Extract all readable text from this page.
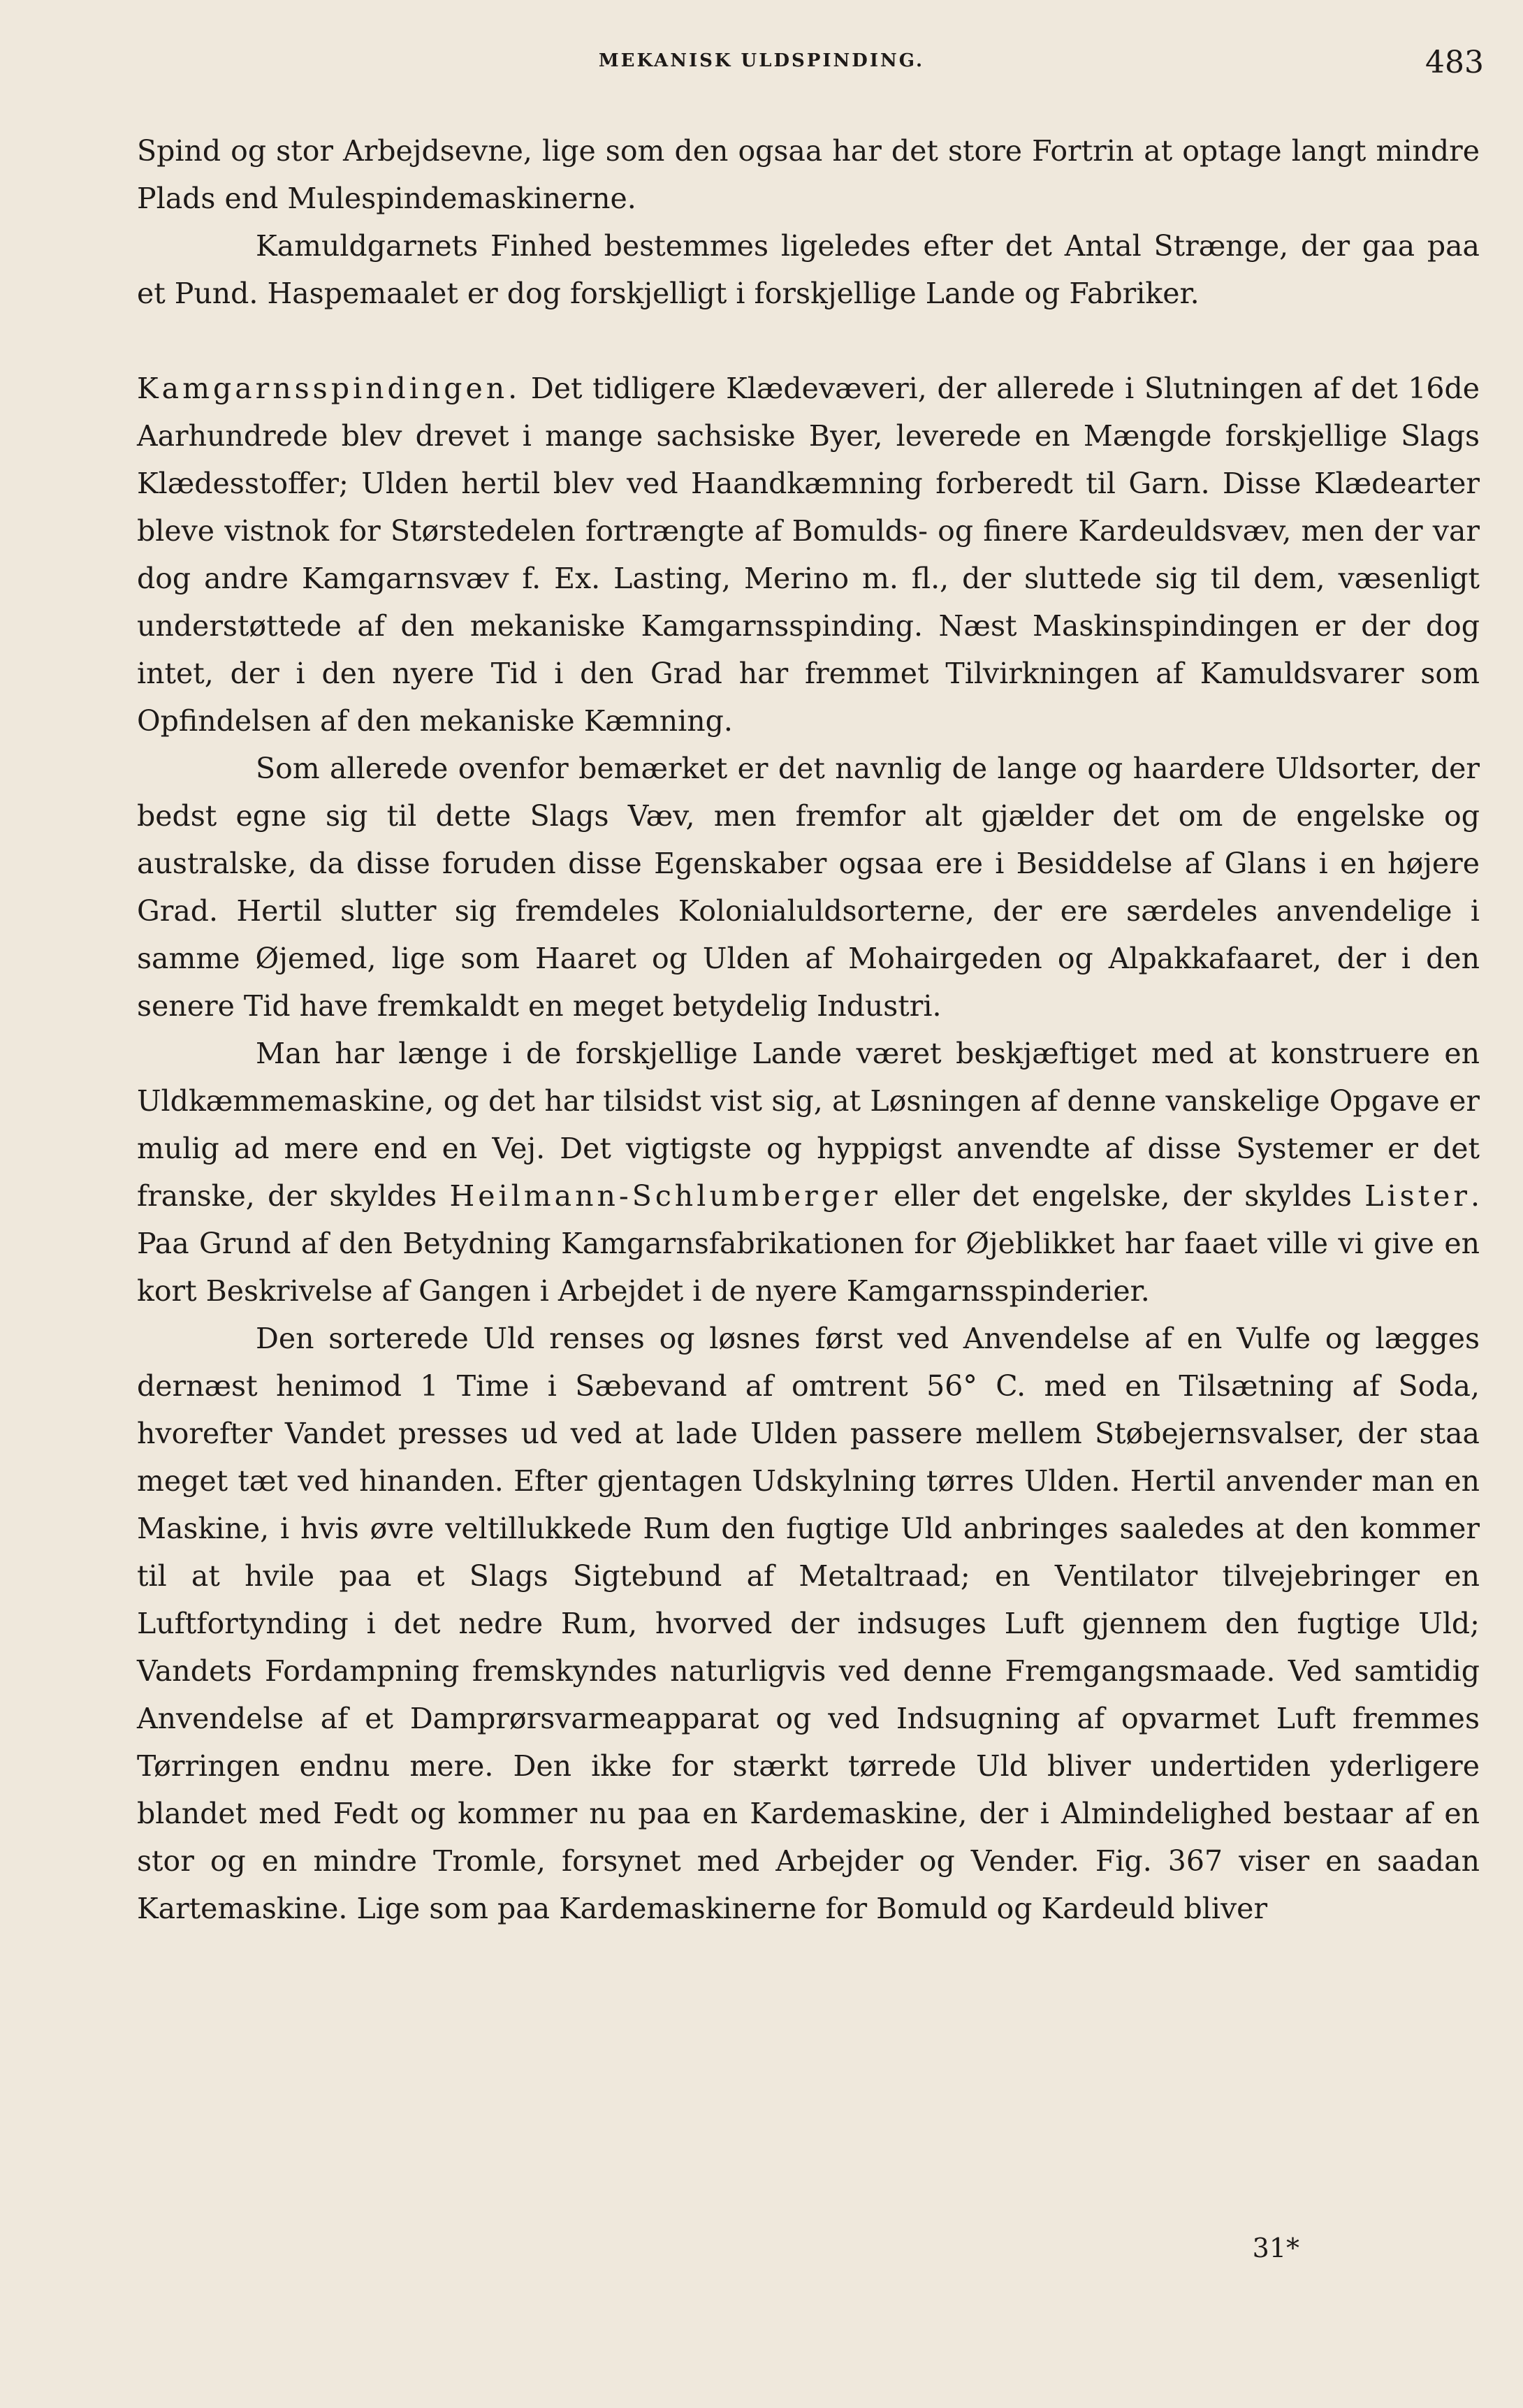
MEKANISK ULDSPINDING.	483

Spind og stor Arbejdsevne, lige som den ogsaa har det store Fortrin at optage langt mindre Plads end Mulespindemaskinerne.

Kamuldgarnets Finhed bestemmes ligeledes efter det Antal Strænge, der gaa paa et Pund. Haspemaalet er dog forskjelligt i forskjellige Lande og Fabriker.

Kamgarnsspindingen. Det tidligere Klædevæveri, der allerede i Slutningen af det 16de Aarhundrede blev drevet i mange sachsiske Byer, leverede en Mængde forskjellige Slags Klædesstoffer; Ulden hertil blev ved Haandkæmning forberedt til Garn. Disse Klædearter bleve vistnok for Størstedelen fortrængte af Bomulds- og finere Kardeuldsvæv, men der var dog andre Kamgarnsvæv f. Ex. Lasting, Merino m. fl., der sluttede sig til dem, væsenligt understøttede af den mekaniske Kamgarnsspinding. Næst Maskinspindingen er der dog intet, der i den nyere Tid i den Grad har fremmet Tilvirkningen af Kamuldsvarer som Opfindelsen af den mekaniske Kæmning.

Som allerede ovenfor bemærket er det navnlig de lange og haardere Uldsorter, der bedst egne sig til dette Slags Væv, men fremfor alt gjælder det om de engelske og australske, da disse foruden disse Egenskaber ogsaa ere i Besiddelse af Glans i en højere Grad. Hertil slutter sig fremdeles Kolonialuldsorterne, der ere særdeles anvendelige i samme Øjemed, lige som Haaret og Ulden af Mohairgeden og Alpakkafaaret, der i den senere Tid have fremkaldt en meget betydelig Industri.

Man har længe i de forskjellige Lande været beskjæftiget med at konstruere en Uldkæmmemaskine, og det har tilsidst vist sig, at Løsningen af denne vanskelige Opgave er mulig ad mere end en Vej. Det vigtigste og hyppigst anvendte af disse Systemer er det franske, der skyldes Heilmann-Schlumberger eller det engelske, der skyldes Lister. Paa Grund af den Betydning Kamgarnsfabrikationen for Øjeblikket har faaet ville vi give en kort Beskrivelse af Gangen i Arbejdet i de nyere Kamgarnsspinderier.

Den sorterede Uld renses og løsnes først ved Anvendelse af en Vulfe og lægges dernæst henimod 1 Time i Sæbevand af omtrent 56° C. med en Tilsætning af Soda, hvorefter Vandet presses ud ved at lade Ulden passere mellem Støbejernsvalser, der staa meget tæt ved hinanden. Efter gjentagen Udskylning tørres Ulden. Hertil anvender man en Maskine, i hvis øvre veltillukkede Rum den fugtige Uld anbringes saaledes at den kommer til at hvile paa et Slags Sigtebund af Metaltraad; en Ventilator tilvejebringer en Luftfortynding i det nedre Rum, hvorved der indsuges Luft gjennem den fugtige Uld; Vandets Fordampning fremskyndes naturligvis ved denne Fremgangsmaade. Ved samtidig Anvendelse af et Damprørsvarmeapparat og ved Indsugning af opvarmet Luft fremmes Tørringen endnu mere. Den ikke for stærkt tørrede Uld bliver undertiden yderligere blandet med Fedt og kommer nu paa en Kardemaskine, der i Almindelighed bestaar af en stor og en mindre Tromle, forsynet med Arbejder og Vender. Fig. 367 viser en saadan Kartemaskine. Lige som paa Kardemaskinerne for Bomuld og Kardeuld bliver

31*
